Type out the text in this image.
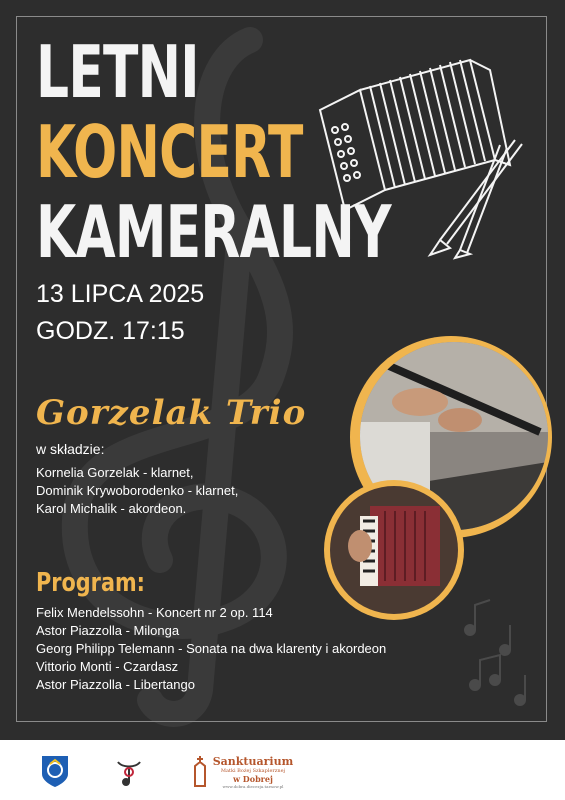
LETNI
KONCERT
KAMERALNY
13 LIPCA 2025
GODZ. 17:15
Gorzelak Trio
w składzie:
Kornelia Gorzelak - klarnet,
Dominik Krywoborodenko - klarnet,
Karol Michalik - akordeon.
Program:
Felix Mendelssohn - Koncert nr 2 op. 114
Astor Piazzolla - Milonga
Georg Philipp Telemann - Sonata na dwa klarenty i akordeon
Vittorio Monti - Czardasz
Astor Piazzolla - Libertango
Sanktuarium
Matki Bożej Szkaplerznej
w Dobrej
www.dobra.diecezja.tarnow.pl
